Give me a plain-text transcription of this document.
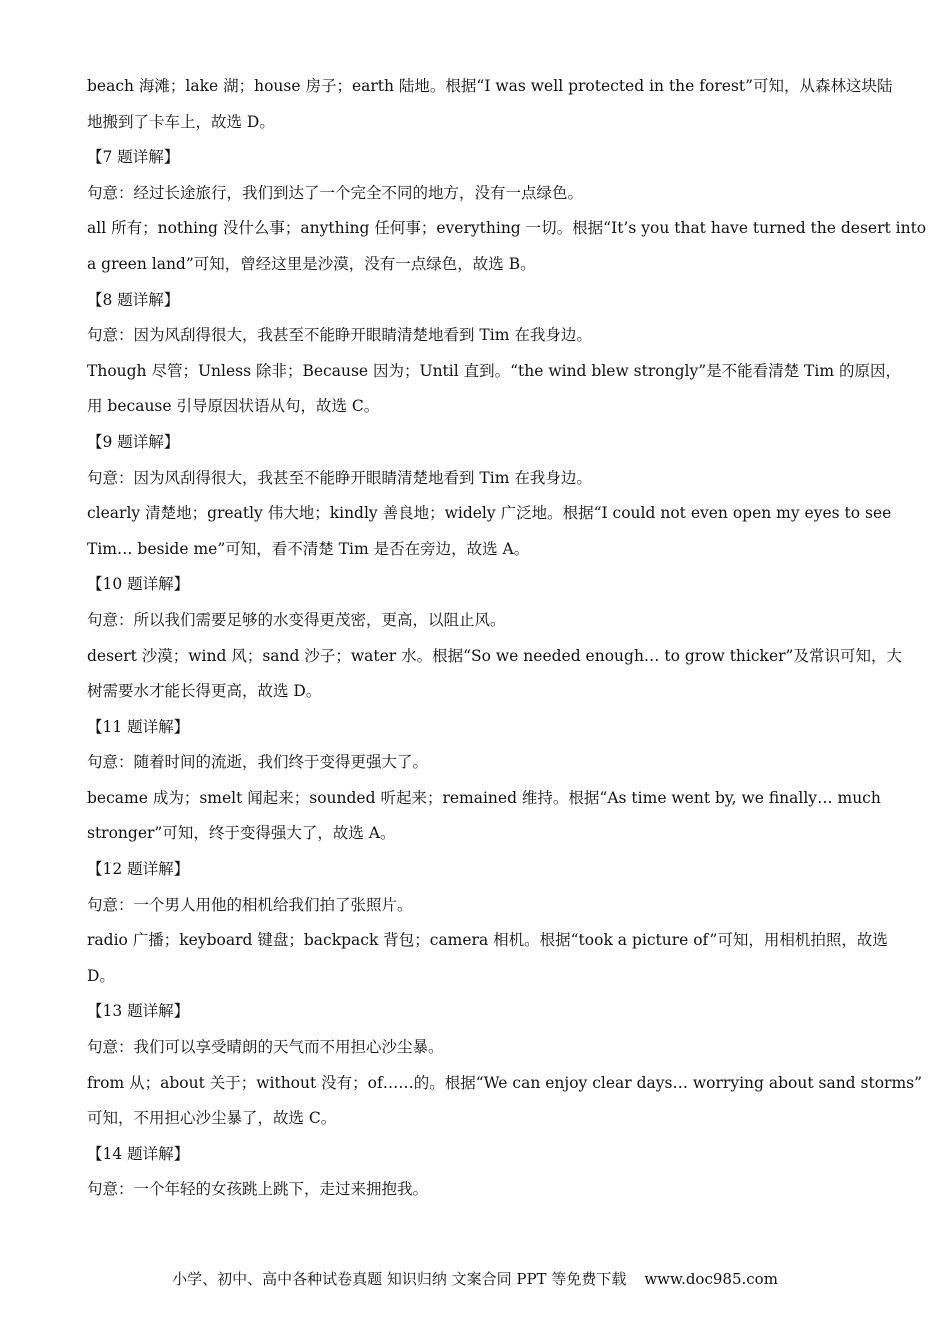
beach 海滩；lake 湖；house 房子；earth 陆地。根据“I was well protected in the forest”可知，从森林这块陆
地搬到了卡车上，故选 D。
【7 题详解】
句意：经过长途旅行，我们到达了一个完全不同的地方，没有一点绿色。
all 所有；nothing 没什么事；anything 任何事；everything 一切。根据“It’s you that have turned the desert into
a green land”可知，曾经这里是沙漠，没有一点绿色，故选 B。
【8 题详解】
句意：因为风刮得很大，我甚至不能睁开眼睛清楚地看到 Tim 在我身边。
Though 尽管；Unless 除非；Because 因为；Until 直到。“the wind blew strongly”是不能看清楚 Tim 的原因，
用 because 引导原因状语从句，故选 C。
【9 题详解】
句意：因为风刮得很大，我甚至不能睁开眼睛清楚地看到 Tim 在我身边。
clearly 清楚地；greatly 伟大地；kindly 善良地；widely 广泛地。根据“I could not even open my eyes to see
Tim… beside me”可知，看不清楚 Tim 是否在旁边，故选 A。
【10 题详解】
句意：所以我们需要足够的水变得更茂密，更高，以阻止风。
desert 沙漠；wind 风；sand 沙子；water 水。根据“So we needed enough… to grow thicker”及常识可知，大
树需要水才能长得更高，故选 D。
【11 题详解】
句意：随着时间的流逝，我们终于变得更强大了。
became 成为；smelt 闻起来；sounded 听起来；remained 维持。根据“As time went by, we finally… much
stronger”可知，终于变得强大了，故选 A。
【12 题详解】
句意：一个男人用他的相机给我们拍了张照片。
radio 广播；keyboard 键盘；backpack 背包；camera 相机。根据“took a picture of”可知，用相机拍照，故选
D。
【13 题详解】
句意：我们可以享受晴朗的天气而不用担心沙尘暴。
from 从；about 关于；without 没有；of……的。根据“We can enjoy clear days… worrying about sand storms”
可知，不用担心沙尘暴了，故选 C。
【14 题详解】
句意：一个年轻的女孩跳上跳下，走过来拥抱我。
小学、初中、高中各种试卷真题 知识归纳 文案合同 PPT 等免费下载 www.doc985.com
